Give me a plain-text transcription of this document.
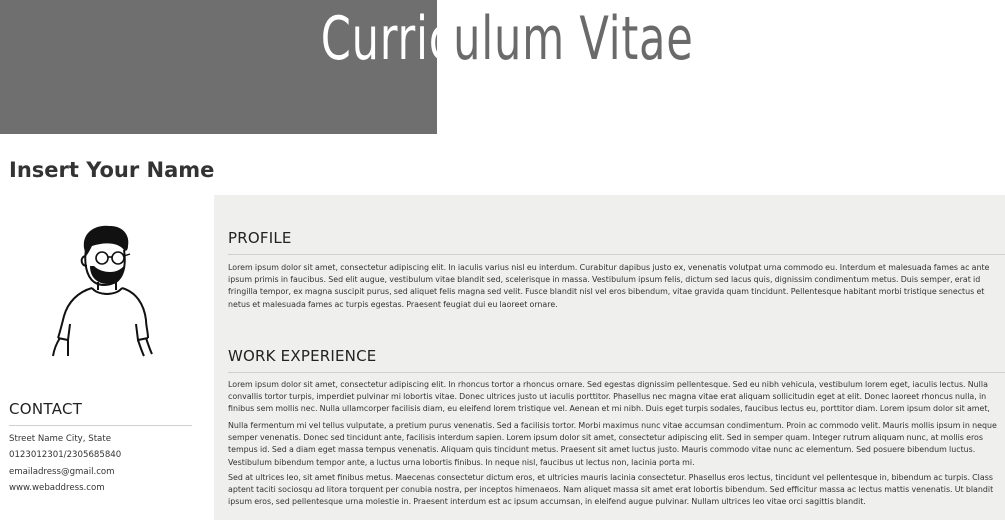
Curriculum Vitae
Insert Your Name
CONTACT
Street Name City, State
0123012301/2305685840
emailadress@gmail.com
www.webaddress.com
PROFILE
Lorem ipsum dolor sit amet, consectetur adipiscing elit. In iaculis varius nisl eu interdum. Curabitur dapibus justo ex, venenatis volutpat urna commodo eu. Interdum et malesuada fames ac ante ipsum primis in faucibus. Sed elit augue, vestibulum vitae blandit sed, scelerisque in massa. Vestibulum ipsum felis, dictum sed lacus quis, dignissim condimentum metus. Duis semper, erat id fringilla tempor, ex magna suscipit purus, sed aliquet felis magna sed velit. Fusce blandit nisl vel eros bibendum, vitae gravida quam tincidunt. Pellentesque habitant morbi tristique senectus et netus et malesuada fames ac turpis egestas. Praesent feugiat dui eu laoreet ornare.
WORK EXPERIENCE
Lorem ipsum dolor sit amet, consectetur adipiscing elit. In rhoncus tortor a rhoncus ornare. Sed egestas dignissim pellentesque. Sed eu nibh vehicula, vestibulum lorem eget, iaculis lectus. Nulla convallis tortor turpis, imperdiet pulvinar mi lobortis vitae. Donec ultrices justo ut iaculis porttitor. Phasellus nec magna vitae erat aliquam sollicitudin eget at elit. Donec laoreet rhoncus nulla, in finibus sem mollis nec. Nulla ullamcorper facilisis diam, eu eleifend lorem tristique vel. Aenean et mi nibh. Duis eget turpis sodales, faucibus lectus eu, porttitor diam. Lorem ipsum dolor sit amet,
Nulla fermentum mi vel tellus vulputate, a pretium purus venenatis. Sed a facilisis tortor. Morbi maximus nunc vitae accumsan condimentum. Proin ac commodo velit. Mauris mollis ipsum in neque semper venenatis. Donec sed tincidunt ante, facilisis interdum sapien. Lorem ipsum dolor sit amet, consectetur adipiscing elit. Sed in semper quam. Integer rutrum aliquam nunc, at mollis eros tempus id. Sed a diam eget massa tempus venenatis. Aliquam quis tincidunt metus. Praesent sit amet luctus justo. Mauris commodo vitae nunc ac elementum. Sed posuere bibendum luctus. Vestibulum bibendum tempor ante, a luctus urna lobortis finibus. In neque nisl, faucibus ut lectus non, lacinia porta mi.
Sed at ultrices leo, sit amet finibus metus. Maecenas consectetur dictum eros, et ultricies mauris lacinia consectetur. Phasellus eros lectus, tincidunt vel pellentesque in, bibendum ac turpis. Class aptent taciti sociosqu ad litora torquent per conubia nostra, per inceptos himenaeos. Nam aliquet massa sit amet erat lobortis bibendum. Sed efficitur massa ac lectus mattis venenatis. Ut blandit ipsum eros, sed pellentesque urna molestie in. Praesent interdum est ac ipsum accumsan, in eleifend augue pulvinar. Nullam ultrices leo vitae orci sagittis blandit.
